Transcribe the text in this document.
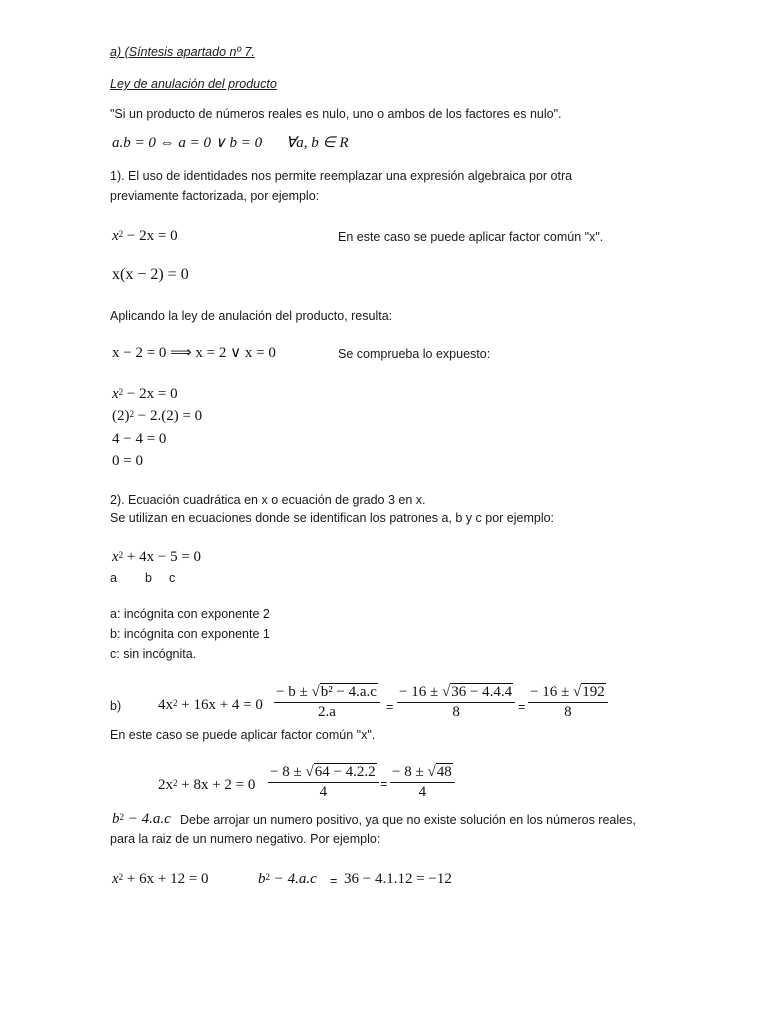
a) (Síntesis apartado nº 7.
Ley de anulación del producto
"Si un producto de números reales es nulo, uno o ambos de los factores es nulo".
a.b = 0 ⇔ a = 0 ∨ b = 0 ∀a, b ∈ R
1). El uso de identidades nos permite reemplazar una expresión algebraica por otra
previamente factorizada, por ejemplo:
$x^2 - 2x = 0$	En este caso se puede aplicar factor común "x".
x(x − 2) = 0
Aplicando la ley de anulación del producto, resulta:
x − 2 = 0 ⟹ x = 2 ∨ x = 0	Se comprueba lo expuesto:
$x^2 - 2x = 0$
$(2)^2 - 2.(2) = 0$
4 − 4 = 0
0 = 0
2). Ecuación cuadrática en x o ecuación de grado 3 en x.
Se utilizan en ecuaciones donde se identifican los patrones a, b y c por ejemplo:
$x^2 + 4x - 5 = 0$
a b c
a: incógnita con exponente 2
b: incógnita con exponente 1
c: sin incógnita.
b) $4x^2 + 16x + 4 = 0 \frac{\text{− b ± √b² − 4.a.c}}{2.a} = \frac{- 16 \pm √36 - 4.4.4}{8} = \frac{- 16 \pm √192}{8}$
En este caso se puede aplicar factor común "x".
$2x^2 + 8x + 2 = 0 \frac{- 8 \pm √64 - 4.2.2}{4} = \frac{- 8 \pm √48}{4}$
$b^2 - 4.a.c$ Debe arrojar un numero positivo, ya que no existe solución en los números reales,
para la raiz de un numero negativo. Por ejemplo:
$x^2 + 6x + 12 = 0$	$b^2 - 4.a.c = 36 - 4.1.12 = -12$
